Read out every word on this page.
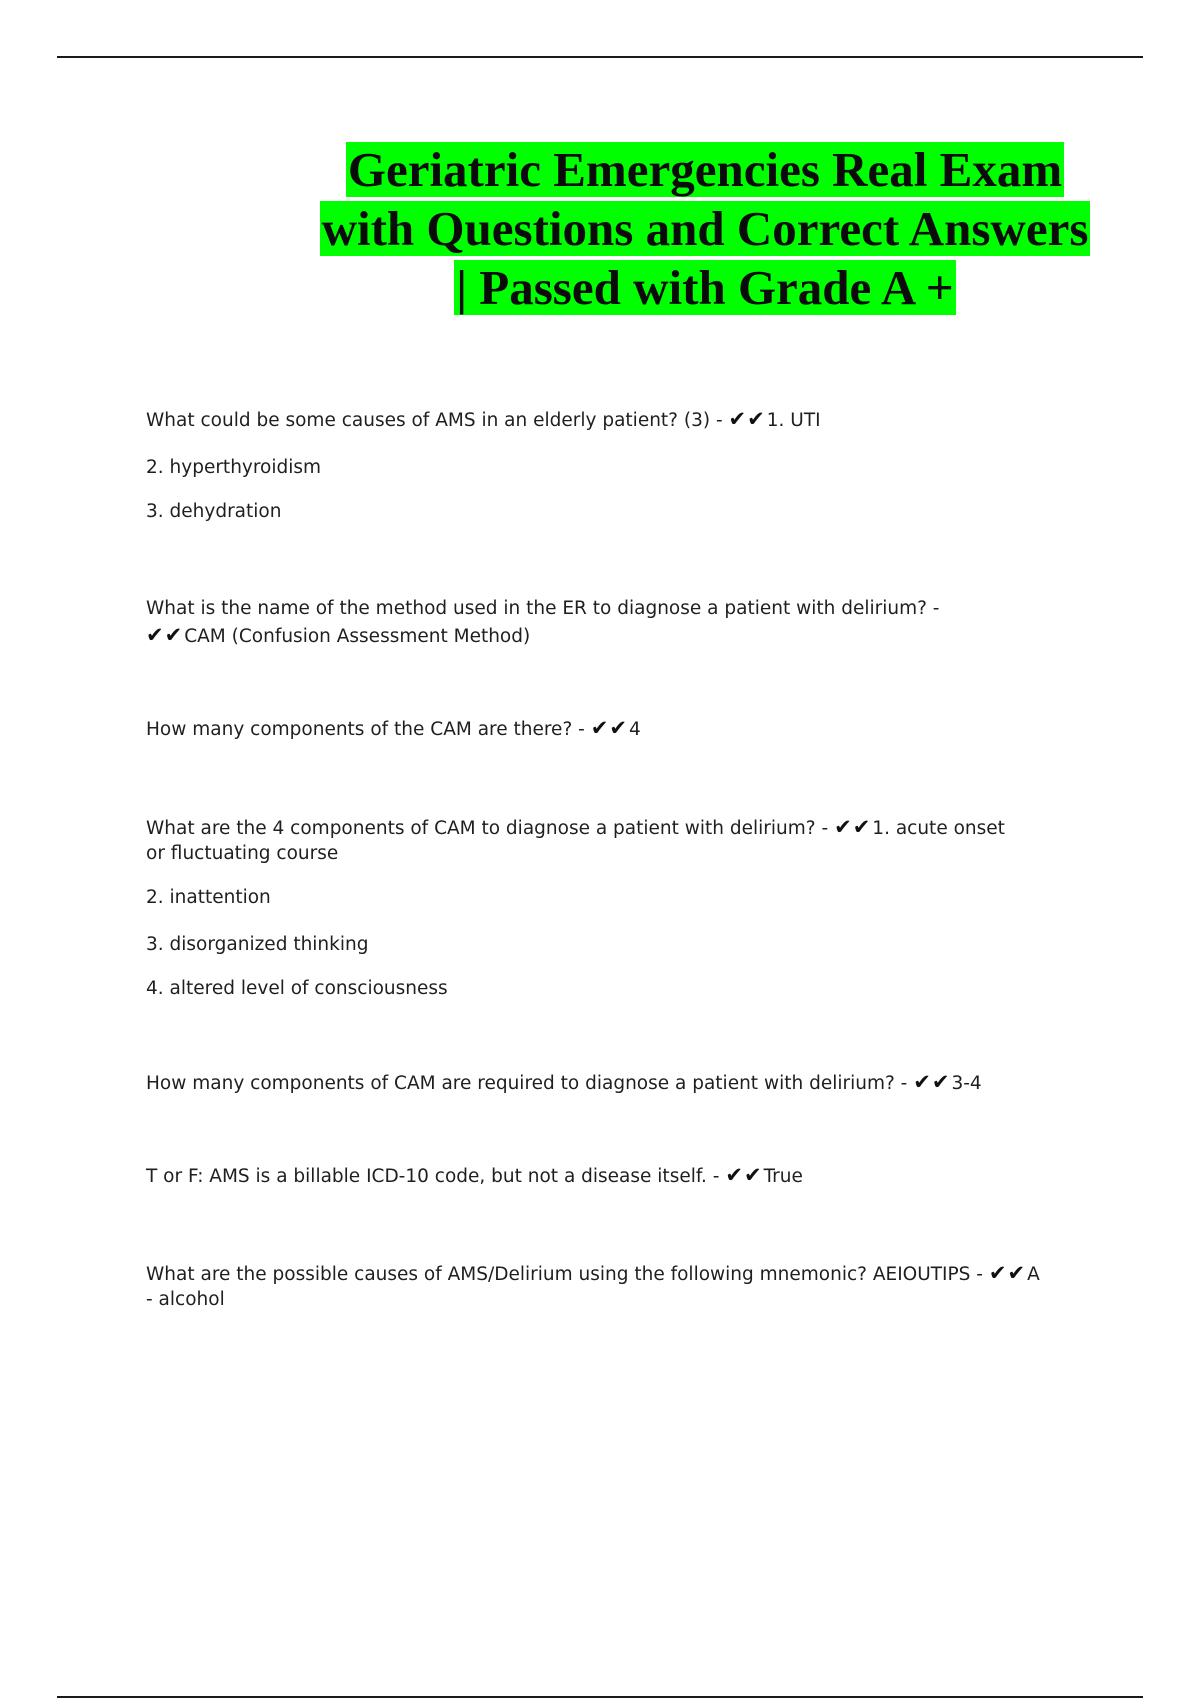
Geriatric Emergencies Real Exam
with Questions and Correct Answers
| Passed with Grade A +
What could be some causes of AMS in an elderly patient? (3) - ✔✔ 1. UTI
2. hyperthyroidism
3. dehydration
What is the name of the method used in the ER to diagnose a patient with delirium? -
✔✔ CAM (Confusion Assessment Method)
How many components of the CAM are there? - ✔✔ 4
What are the 4 components of CAM to diagnose a patient with delirium? - ✔✔ 1. acute onset
or fluctuating course
2. inattention
3. disorganized thinking
4. altered level of consciousness
How many components of CAM are required to diagnose a patient with delirium? - ✔✔ 3-4
T or F: AMS is a billable ICD-10 code, but not a disease itself. - ✔✔ True
What are the possible causes of AMS/Delirium using the following mnemonic? AEIOUTIPS - ✔✔ A
- alcohol
